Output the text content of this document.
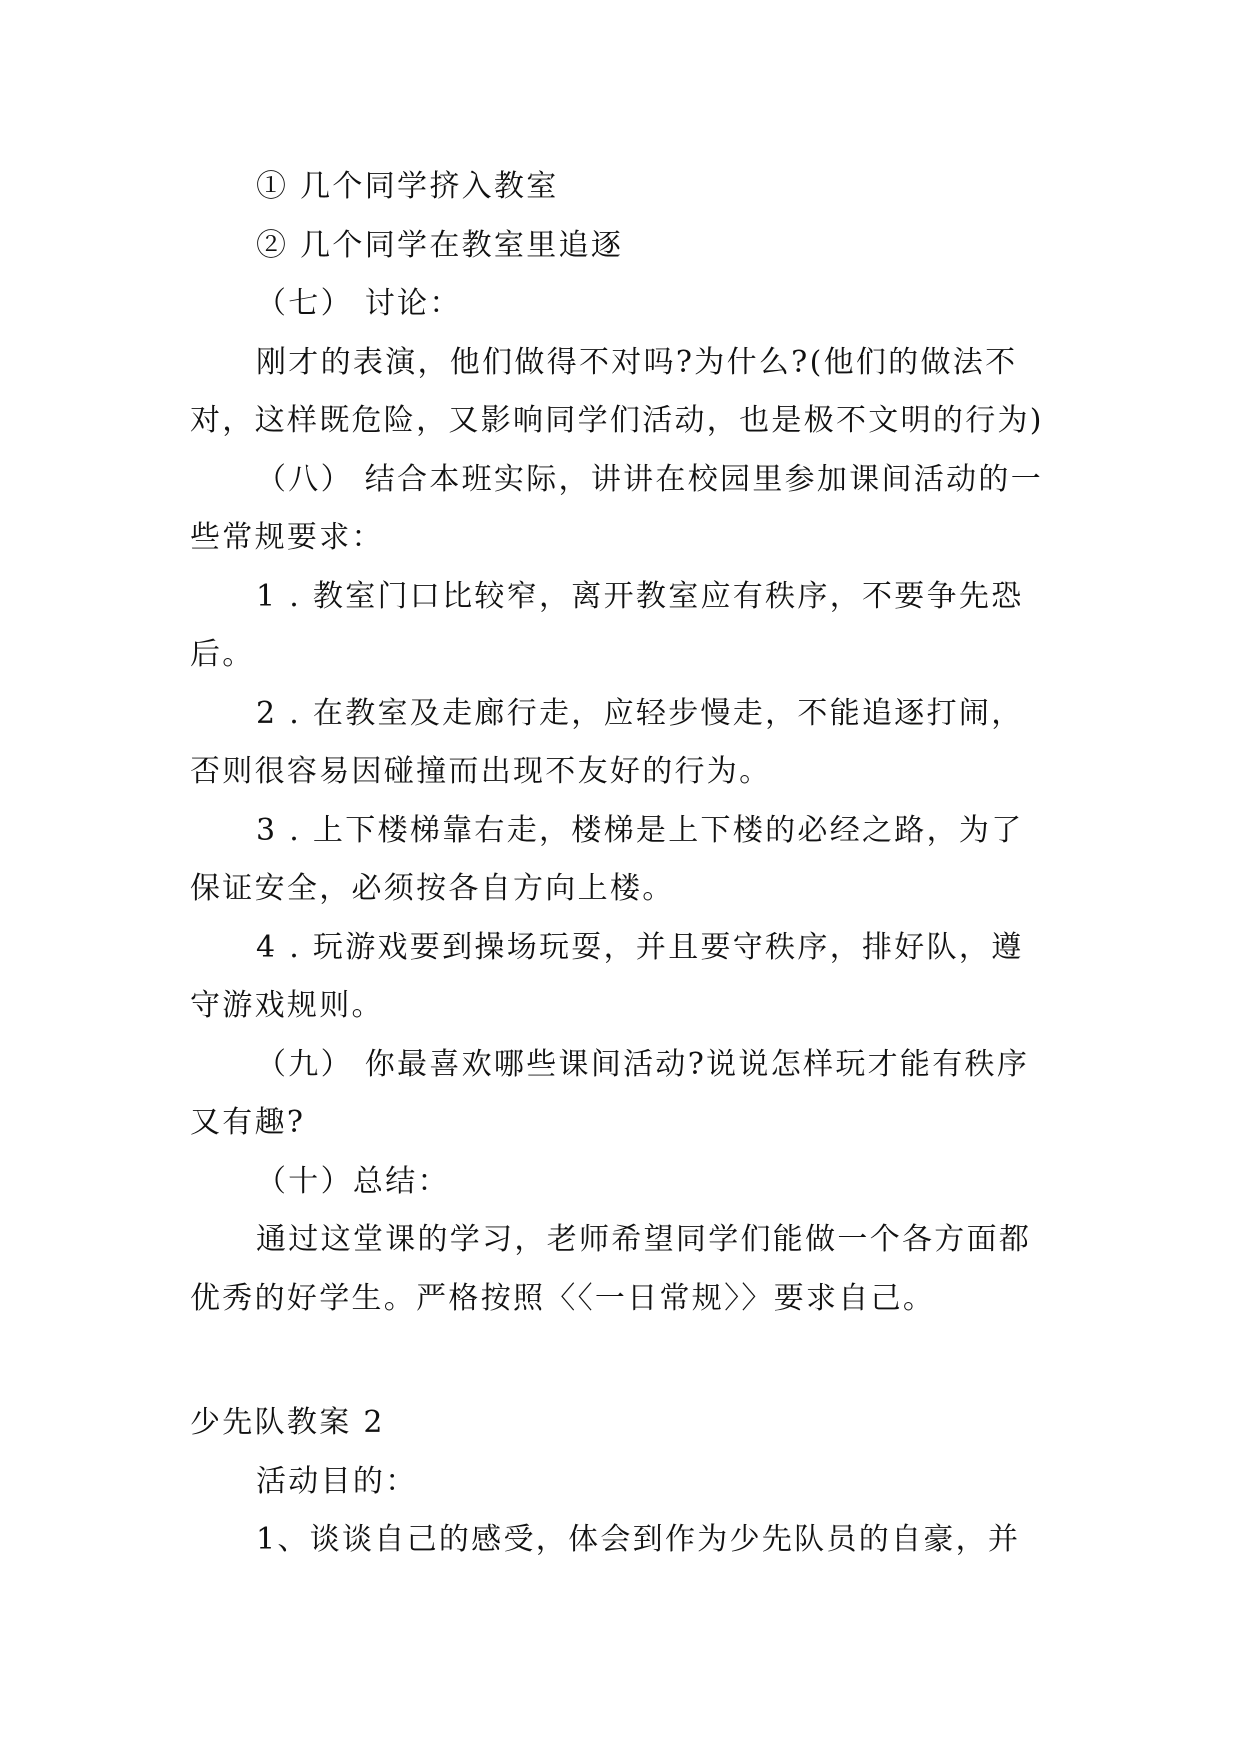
① 几个同学挤入教室

② 几个同学在教室里追逐

（七） 讨论：

刚才的表演，他们做得不对吗?为什么?(他们的做法不对，这样既危险，又影响同学们活动，也是极不文明的行为)

（八） 结合本班实际，讲讲在校园里参加课间活动的一些常规要求：

1 . 教室门口比较窄，离开教室应有秩序，不要争先恐后。

2 . 在教室及走廊行走，应轻步慢走，不能追逐打闹，否则很容易因碰撞而出现不友好的行为。

3 . 上下楼梯靠右走，楼梯是上下楼的必经之路，为了保证安全，必须按各自方向上楼。

4 . 玩游戏要到操场玩耍，并且要守秩序，排好队，遵守游戏规则。

（九） 你最喜欢哪些课间活动?说说怎样玩才能有秩序又有趣?

（十）总结：

通过这堂课的学习，老师希望同学们能做一个各方面都优秀的好学生。严格按照〈〈一日常规〉〉要求自己。

少先队教案 2

活动目的：

1、谈谈自己的感受，体会到作为少先队员的自豪，并
